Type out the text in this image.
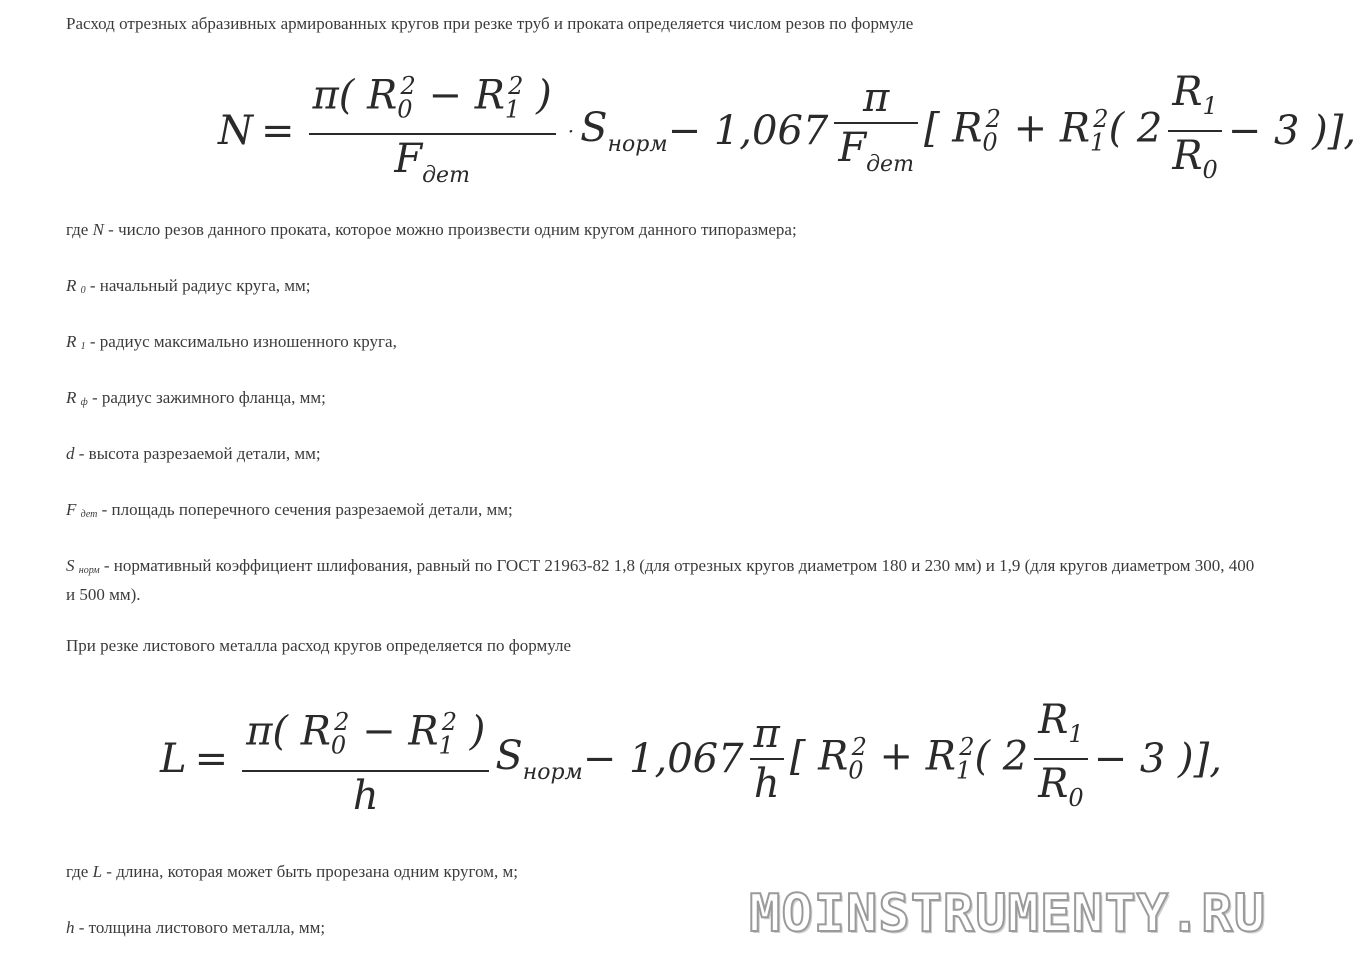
Расход отрезных абразивных армированных кругов при резке труб и проката определяется числом резов по формуле
$N = \frac{\pi( R_0^2 - R_1^2 )}{F_{дет}} \cdot S_{норм} - 1,067 \frac{\pi}{F_{дет}}$ [ $R_0^2 + R_1^2$( $2 \frac{R_1}{R_0} - 3$ )],
где N - число резов данного проката, которое можно произвести одним кругом данного типоразмера;
R $_0$ - начальный радиус круга, мм;
R $_1$ - радиус максимально изношенного круга,
R $_ф$ - радиус зажимного фланца, мм;
d - высота разрезаемой детали, мм;
F $_{дет}$ - площадь поперечного сечения разрезаемой детали, мм;
S $_{норм}$ - нормативный коэффициент шлифования, равный по ГОСТ 21963-82 1,8 (для отрезных кругов диаметром 180 и 230 мм) и 1,9 (для кругов диаметром 300, 400 и 500 мм).
При резке листового металла расход кругов определяется по формуле
$L = \frac{\pi( R_0^2 - R_1^2 )}{h} S_{норм} - 1,067 \frac{\pi}{h}$ [ $R_0^2 + R_1^2$( $2 \frac{R_1}{R_0} - 3$ )],
где L - длина, которая может быть прорезана одним кругом, м;
h - толщина листового металла, мм;	MOINSTRUMENTY.RU
